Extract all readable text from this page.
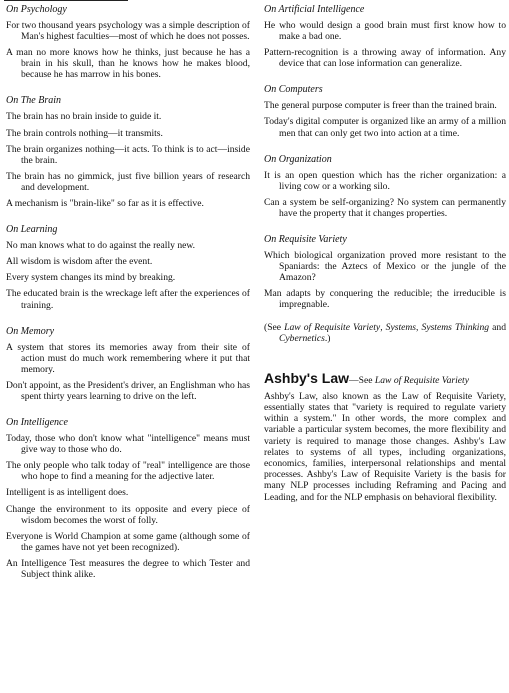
On Psychology

For two thousand years psychology was a simple description of Man's highest faculties—most of which he does not posses.

A man no more knows how he thinks, just because he has a brain in his skull, than he knows how he makes blood, because he has marrow in his bones.

On The Brain

The brain has no brain inside to guide it.

The brain controls nothing—it transmits.

The brain organizes nothing—it acts. To think is to act—inside the brain.

The brain has no gimmick, just five billion years of research and development.

A mechanism is "brain-like" so far as it is effective.

On Learning

No man knows what to do against the really new.

All wisdom is wisdom after the event.

Every system changes its mind by breaking.

The educated brain is the wreckage left after the experiences of training.

On Memory

A system that stores its memories away from their site of action must do much work remembering where it put that memory.

Don't appoint, as the President's driver, an Englishman who has spent thirty years learning to drive on the left.

On Intelligence

Today, those who don't know what "intelligence" means must give way to those who do.

The only people who talk today of "real" intelligence are those who hope to find a meaning for the adjective later.

Intelligent is as intelligent does.

Change the environment to its opposite and every piece of wisdom becomes the worst of folly.

Everyone is World Champion at some game (although some of the games have not yet been recognized).

An Intelligence Test measures the degree to which Tester and Subject think alike.

On Artificial Intelligence

He who would design a good brain must first know how to make a bad one.

Pattern-recognition is a throwing away of information. Any device that can lose information can generalize.

On Computers

The general purpose computer is freer than the trained brain.

Today's digital computer is organized like an army of a million men that can only get two into action at a time.

On Organization

It is an open question which has the richer organization: a living cow or a working silo.

Can a system be self-organizing? No system can permanently have the property that it changes properties.

On Requisite Variety

Which biological organization proved more resistant to the Spaniards: the Aztecs of Mexico or the jungle of the Amazon?

Man adapts by conquering the reducible; the irreducible is impregnable.

(See Law of Requisite Variety, Systems, Systems Thinking and Cybernetics.)

Ashby's Law—See Law of Requisite Variety

Ashby's Law, also known as the Law of Requisite Variety, essentially states that "variety is required to regulate variety within a system." In other words, the more complex and variable a particular system becomes, the more flexibility and variety is required to manage those changes. Ashby's Law relates to systems of all types, including organizations, economics, families, interpersonal relationships and mental processes. Ashby's Law of Requisite Variety is the basis for many NLP processes including Reframing and Pacing and Leading, and for the NLP emphasis on behavioral flexibility.
